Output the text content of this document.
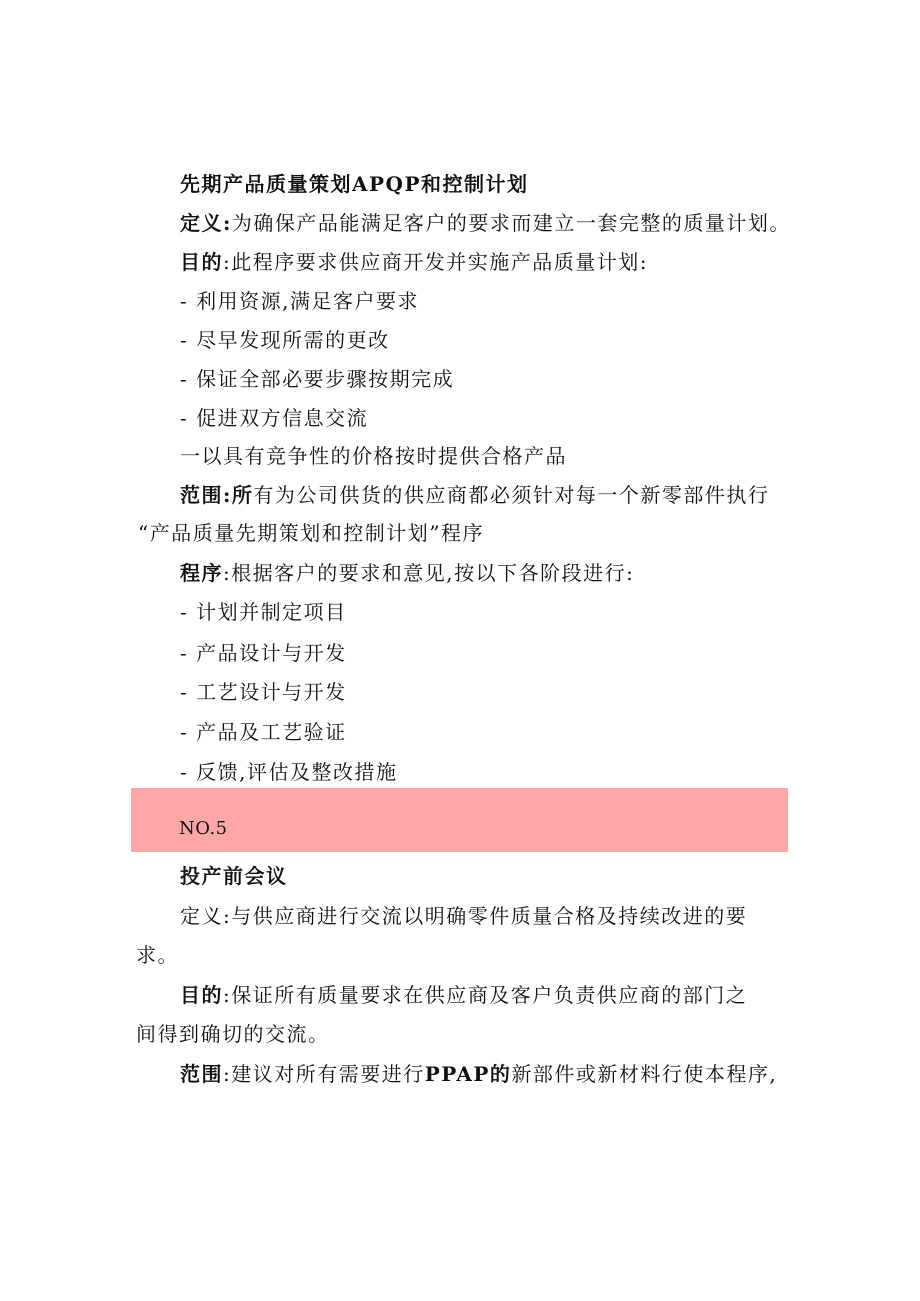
先期产品质量策划APQP和控制计划
定义:为确保产品能满足客户的要求而建立一套完整的质量计划。
目的:此程序要求供应商开发并实施产品质量计划:
- 利用资源,满足客户要求
- 尽早发现所需的更改
- 保证全部必要步骤按期完成
- 促进双方信息交流
一以具有竞争性的价格按时提供合格产品
范围:所有为公司供货的供应商都必须针对每一个新零部件执行
“产品质量先期策划和控制计划”程序
程序:根据客户的要求和意见,按以下各阶段进行:
- 计划并制定项目
- 产品设计与开发
- 工艺设计与开发
- 产品及工艺验证
- 反馈,评估及整改措施
NO.5
投产前会议
定义:与供应商进行交流以明确零件质量合格及持续改进的要
求。
目的:保证所有质量要求在供应商及客户负责供应商的部门之
间得到确切的交流。
范围:建议对所有需要进行PPAP的新部件或新材料行使本程序,
